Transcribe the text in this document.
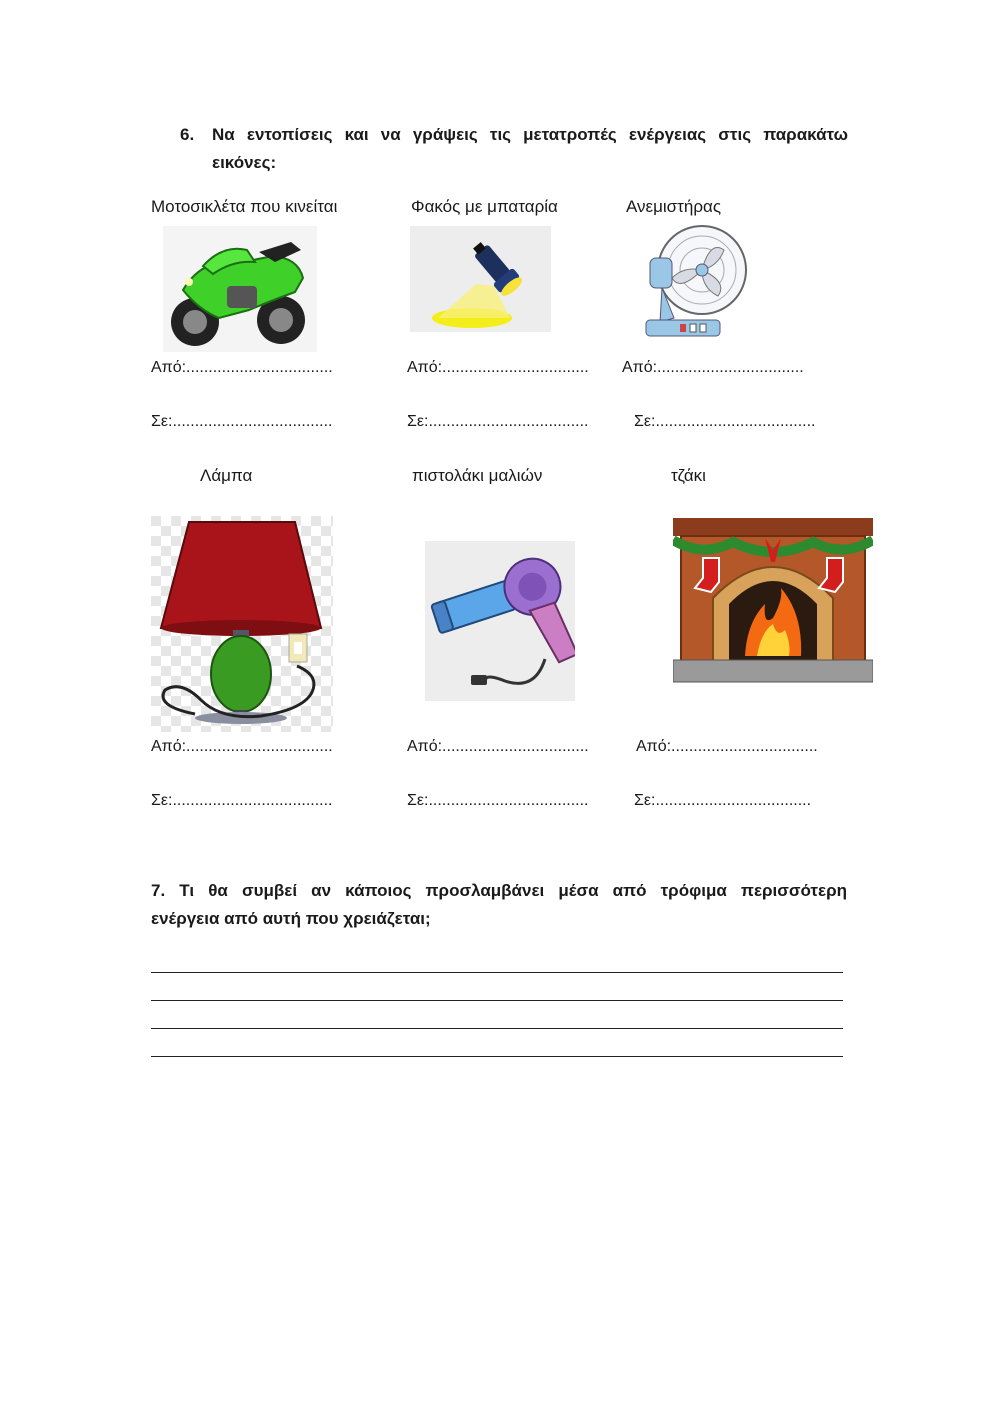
6. Να εντοπίσεις και να γράψεις τις μετατροπές ενέργειας στις παρακάτω
εικόνες:
Μοτοσικλέτα που κινείται	Φακός με μπαταρία	Ανεμιστήρας
Από:.................................	Από:................................. Από:.................................
Σε:....................................	Σε:....................................	Σε:....................................
Λάμπα	πιστολάκι μαλιών	τζάκι
Από:.................................	Από:.................................	Από:.................................
Σε:....................................	Σε:....................................	Σε:...................................
7. Τι θα συμβεί αν κάποιος προσλαμβάνει μέσα από τρόφιμα περισσότερη
ενέργεια από αυτή που χρειάζεται;
